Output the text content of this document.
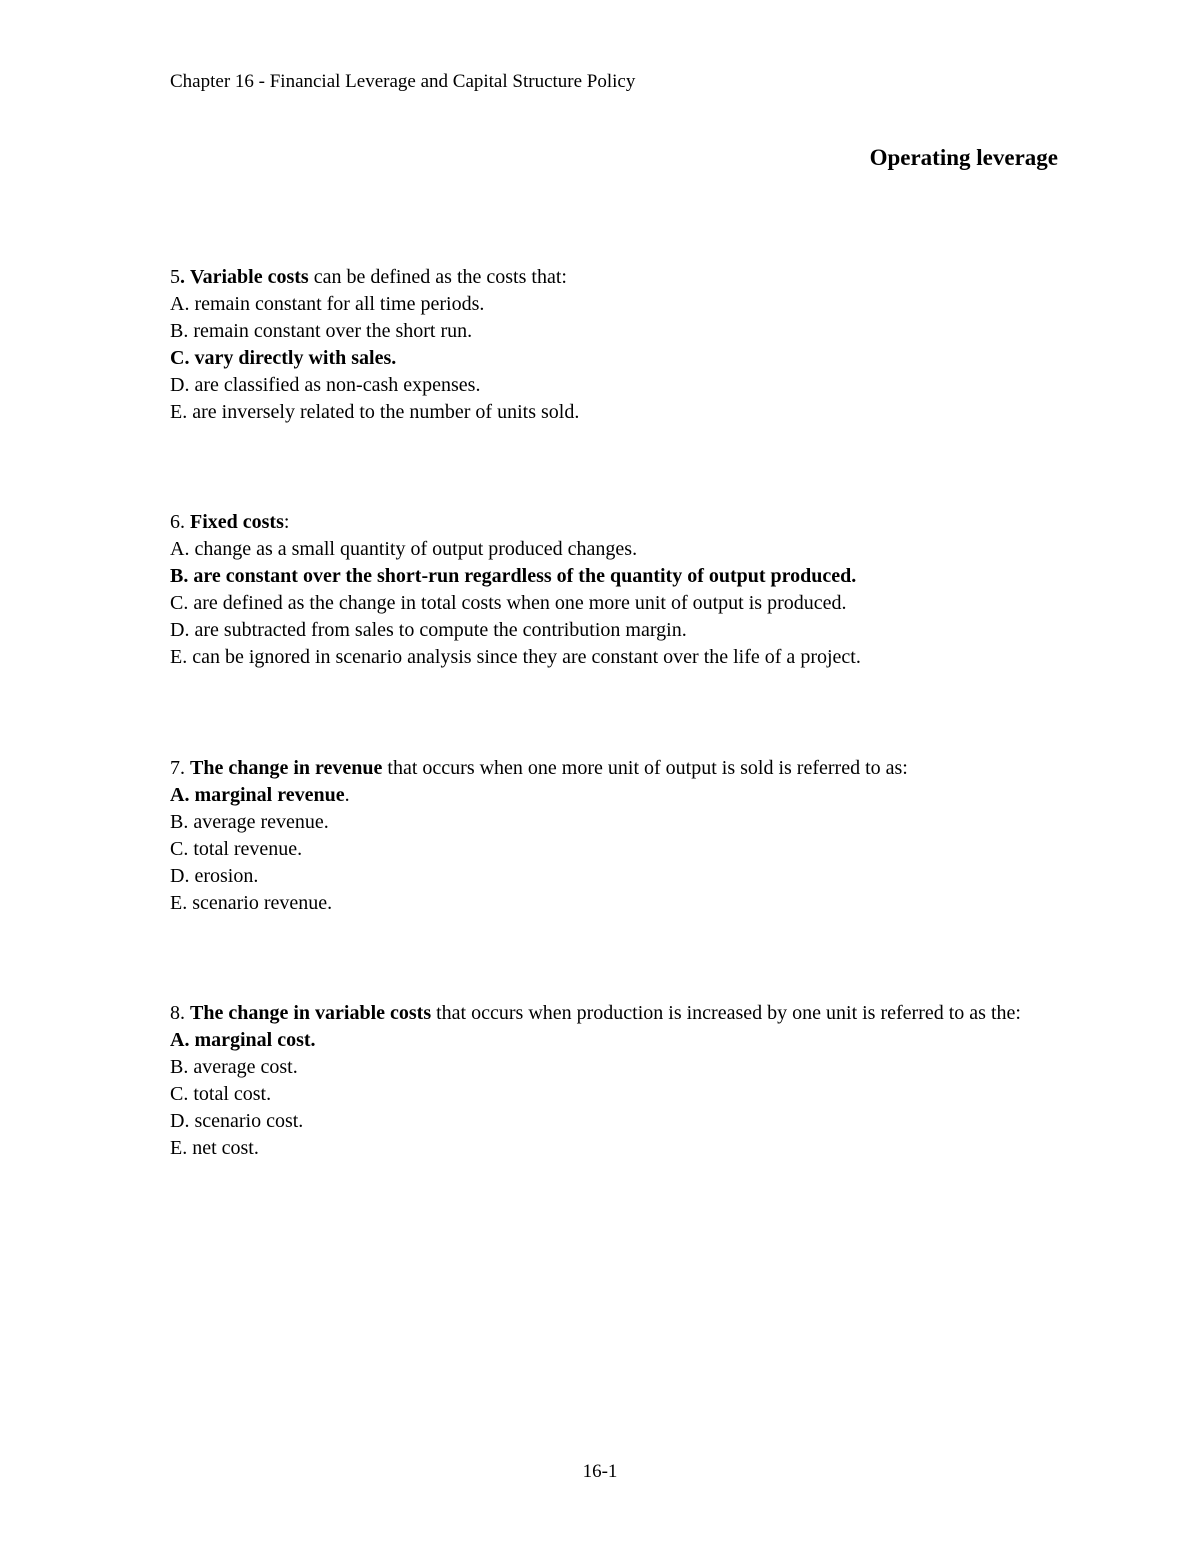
Chapter 16 - Financial Leverage and Capital Structure Policy
Operating leverage
5. Variable costs can be defined as the costs that:
A. remain constant for all time periods.
B. remain constant over the short run.
C. vary directly with sales.
D. are classified as non-cash expenses.
E. are inversely related to the number of units sold.
6. Fixed costs:
A. change as a small quantity of output produced changes.
B. are constant over the short-run regardless of the quantity of output produced.
C. are defined as the change in total costs when one more unit of output is produced.
D. are subtracted from sales to compute the contribution margin.
E. can be ignored in scenario analysis since they are constant over the life of a project.
7. The change in revenue that occurs when one more unit of output is sold is referred to as:
A. marginal revenue.
B. average revenue.
C. total revenue.
D. erosion.
E. scenario revenue.
8. The change in variable costs that occurs when production is increased by one unit is referred to as the:
A. marginal cost.
B. average cost.
C. total cost.
D. scenario cost.
E. net cost.
16-1
